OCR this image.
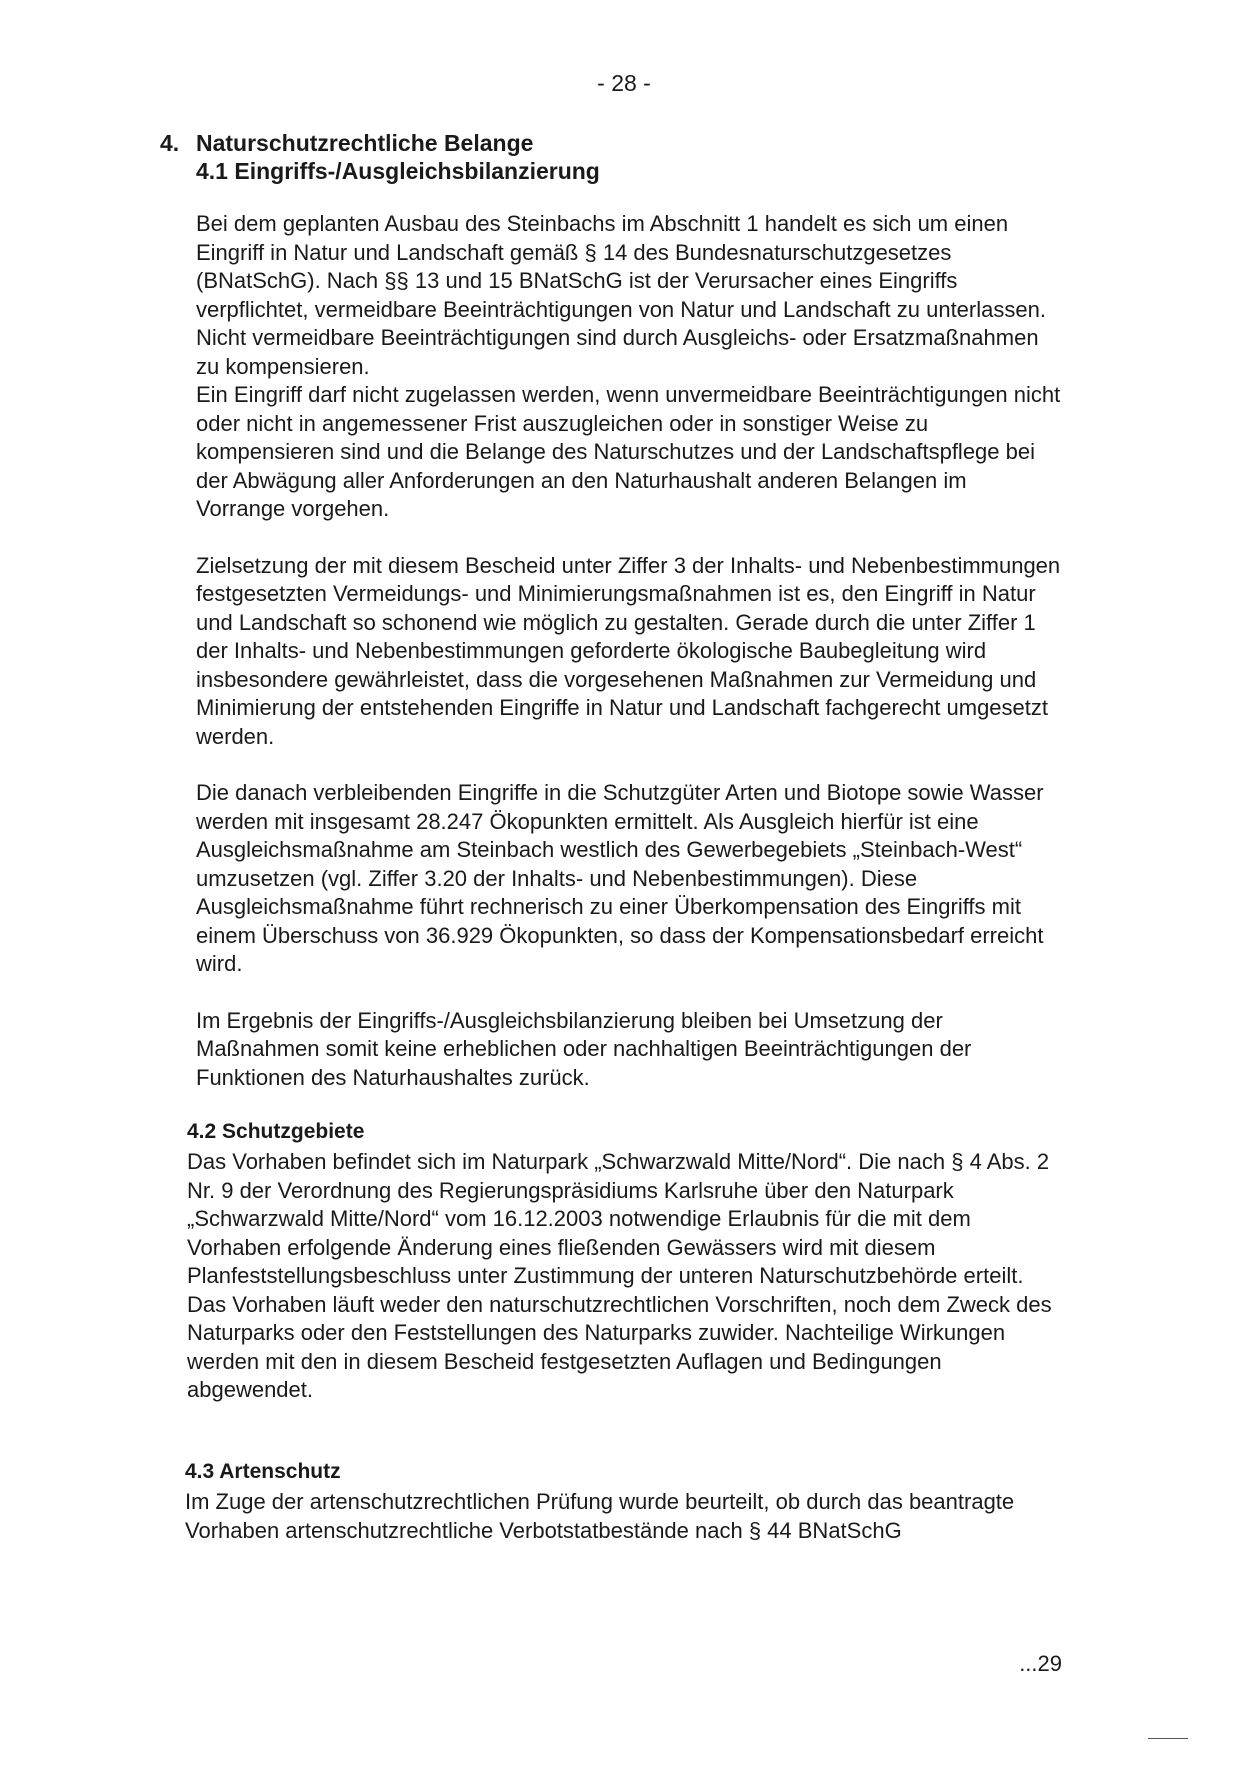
- 28 -
4. Naturschutzrechtliche Belange
4.1 Eingriffs-/Ausgleichsbilanzierung

Bei dem geplanten Ausbau des Steinbachs im Abschnitt 1 handelt es sich um einen Eingriff in Natur und Landschaft gemäß § 14 des Bundesnaturschutzgesetzes (BNatSchG). Nach §§ 13 und 15 BNatSchG ist der Verursacher eines Eingriffs verpflichtet, vermeidbare Beeinträchtigungen von Natur und Landschaft zu unterlassen. Nicht vermeidbare Beeinträchtigungen sind durch Ausgleichs- oder Ersatzmaßnahmen zu kompensieren.

Ein Eingriff darf nicht zugelassen werden, wenn unvermeidbare Beeinträchtigungen nicht oder nicht in angemessener Frist auszugleichen oder in sonstiger Weise zu kompensieren sind und die Belange des Naturschutzes und der Landschaftspflege bei der Abwägung aller Anforderungen an den Naturhaushalt anderen Belangen im Vorrange vorgehen.

Zielsetzung der mit diesem Bescheid unter Ziffer 3 der Inhalts- und Nebenbestimmungen festgesetzten Vermeidungs- und Minimierungsmaßnahmen ist es, den Eingriff in Natur und Landschaft so schonend wie möglich zu gestalten. Gerade durch die unter Ziffer 1 der Inhalts- und Nebenbestimmungen geforderte ökologische Baubegleitung wird insbesondere gewährleistet, dass die vorgesehenen Maßnahmen zur Vermeidung und Minimierung der entstehenden Eingriffe in Natur und Landschaft fachgerecht umgesetzt werden.

Die danach verbleibenden Eingriffe in die Schutzgüter Arten und Biotope sowie Wasser werden mit insgesamt 28.247 Ökopunkten ermittelt. Als Ausgleich hierfür ist eine Ausgleichsmaßnahme am Steinbach westlich des Gewerbegebiets „Steinbach-West“ umzusetzen (vgl. Ziffer 3.20 der Inhalts- und Nebenbestimmungen). Diese Ausgleichsmaßnahme führt rechnerisch zu einer Überkompensation des Eingriffs mit einem Überschuss von 36.929 Ökopunkten, so dass der Kompensationsbedarf erreicht wird.

Im Ergebnis der Eingriffs-/Ausgleichsbilanzierung bleiben bei Umsetzung der Maßnahmen somit keine erheblichen oder nachhaltigen Beeinträchtigungen der Funktionen des Naturhaushaltes zurück.

4.2 Schutzgebiete

Das Vorhaben befindet sich im Naturpark „Schwarzwald Mitte/Nord“. Die nach § 4 Abs. 2 Nr. 9 der Verordnung des Regierungspräsidiums Karlsruhe über den Naturpark „Schwarzwald Mitte/Nord“ vom 16.12.2003 notwendige Erlaubnis für die mit dem Vorhaben erfolgende Änderung eines fließenden Gewässers wird mit diesem Planfeststellungsbeschluss unter Zustimmung der unteren Naturschutzbehörde erteilt.

Das Vorhaben läuft weder den naturschutzrechtlichen Vorschriften, noch dem Zweck des Naturparks oder den Feststellungen des Naturparks zuwider. Nachteilige Wirkungen werden mit den in diesem Bescheid festgesetzten Auflagen und Bedingungen abgewendet.

4.3 Artenschutz

Im Zuge der artenschutzrechtlichen Prüfung wurde beurteilt, ob durch das beantragte Vorhaben artenschutzrechtliche Verbotstatbestände nach § 44 BNatSchG

...29
